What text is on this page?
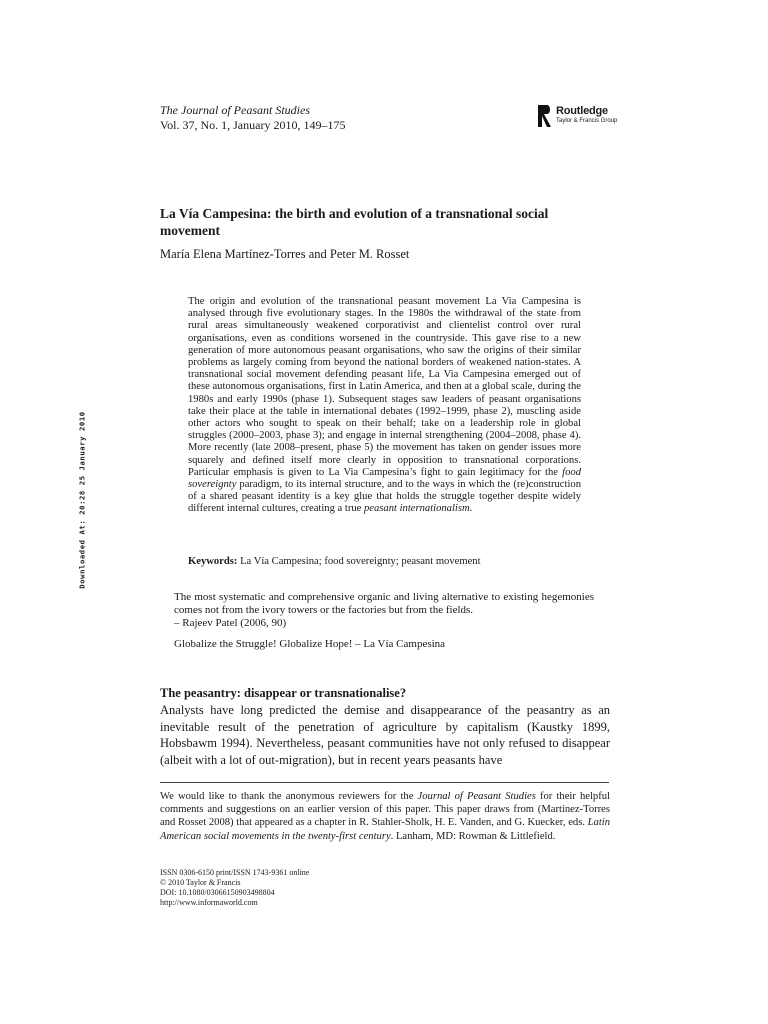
The Journal of Peasant Studies
Vol. 37, No. 1, January 2010, 149–175
Routledge
Taylor & Francis Group
Downloaded At: 20:28 25 January 2010
La Vía Campesina: the birth and evolution of a transnational social movement
María Elena Martínez-Torres and Peter M. Rosset
The origin and evolution of the transnational peasant movement La Via Campesina is analysed through five evolutionary stages. In the 1980s the withdrawal of the state from rural areas simultaneously weakened corporativist and clientelist control over rural organisations, even as conditions worsened in the countryside. This gave rise to a new generation of more autonomous peasant organisations, who saw the origins of their similar problems as largely coming from beyond the national borders of weakened nation-states. A transnational social movement defending peasant life, La Via Campesina emerged out of these autonomous organisations, first in Latin America, and then at a global scale, during the 1980s and early 1990s (phase 1). Subsequent stages saw leaders of peasant organisations take their place at the table in international debates (1992–1999, phase 2), muscling aside other actors who sought to speak on their behalf; take on a leadership role in global struggles (2000–2003, phase 3); and engage in internal strengthening (2004–2008, phase 4). More recently (late 2008–present, phase 5) the movement has taken on gender issues more squarely and defined itself more clearly in opposition to transnational corporations. Particular emphasis is given to La Via Campesina’s fight to gain legitimacy for the food sovereignty paradigm, to its internal structure, and to the ways in which the (re)construction of a shared peasant identity is a key glue that holds the struggle together despite widely different internal cultures, creating a true peasant internationalism.
Keywords: La Vía Campesina; food sovereignty; peasant movement
The most systematic and comprehensive organic and living alternative to existing hegemonies comes not from the ivory towers or the factories but from the fields.
– Rajeev Patel (2006, 90)
Globalize the Struggle! Globalize Hope! – La Vía Campesina
The peasantry: disappear or transnationalise?
Analysts have long predicted the demise and disappearance of the peasantry as an inevitable result of the penetration of agriculture by capitalism (Kaustky 1899, Hobsbawm 1994). Nevertheless, peasant communities have not only refused to disappear (albeit with a lot of out-migration), but in recent years peasants have
We would like to thank the anonymous reviewers for the Journal of Peasant Studies for their helpful comments and suggestions on an earlier version of this paper. This paper draws from (Martínez-Torres and Rosset 2008) that appeared as a chapter in R. Stahler-Sholk, H. E. Vanden, and G. Kuecker, eds. Latin American social movements in the twenty-first century. Lanham, MD: Rowman & Littlefield.
ISSN 0306-6150 print/ISSN 1743-9361 online
© 2010 Taylor & Francis
DOI: 10.1080/03066150903498804
http://www.informaworld.com
